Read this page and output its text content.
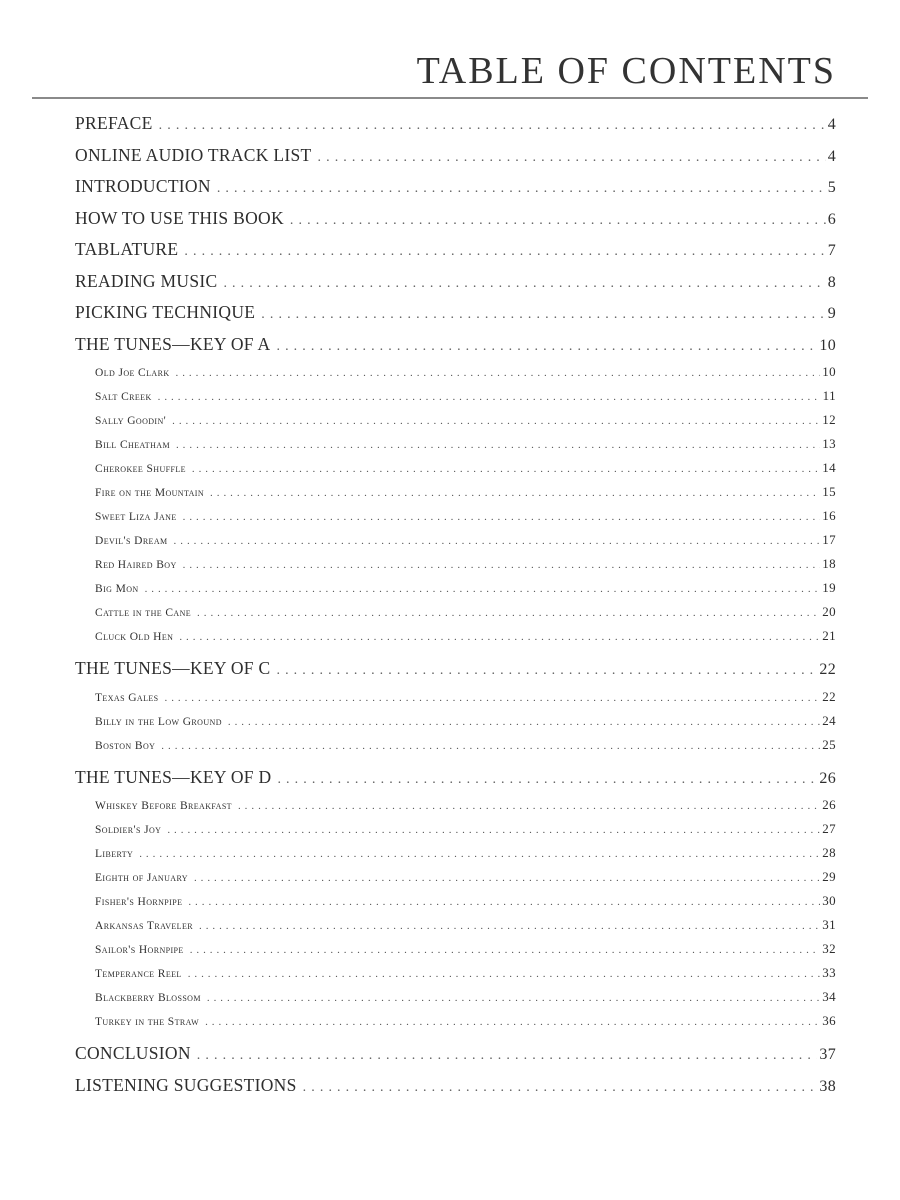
TABLE OF CONTENTS
PREFACE . . .	4
ONLINE AUDIO TRACK LIST . . .	4
INTRODUCTION . . .	5
HOW TO USE THIS BOOK . . .	6
TABLATURE . . .	7
READING MUSIC . . .	8
PICKING TECHNIQUE . . .	9
THE TUNES—KEY OF A . . .	10
Old Joe Clark . . .	10
Salt Creek . . .	11
Sally Goodin' . . .	12
Bill Cheatham . . .	13
Cherokee Shuffle . . .	14
Fire on the Mountain . . .	15
Sweet Liza Jane . . .	16
Devil's Dream . . .	17
Red Haired Boy . . .	18
Big Mon . . .	19
Cattle in the Cane . . .	20
Cluck Old Hen . . .	21
THE TUNES—KEY OF C . . .	22
Texas Gales . . .	22
Billy in the Low Ground . . .	24
Boston Boy . . .	25
THE TUNES—KEY OF D . . .	26
Whiskey Before Breakfast . . .	26
Soldier's Joy . . .	27
Liberty . . .	28
Eighth of January . . .	29
Fisher's Hornpipe . . .	30
Arkansas Traveler . . .	31
Sailor's Hornpipe . . .	32
Temperance Reel . . .	33
Blackberry Blossom . . .	34
Turkey in the Straw . . .	36
CONCLUSION . . .	37
LISTENING SUGGESTIONS . . .	38
